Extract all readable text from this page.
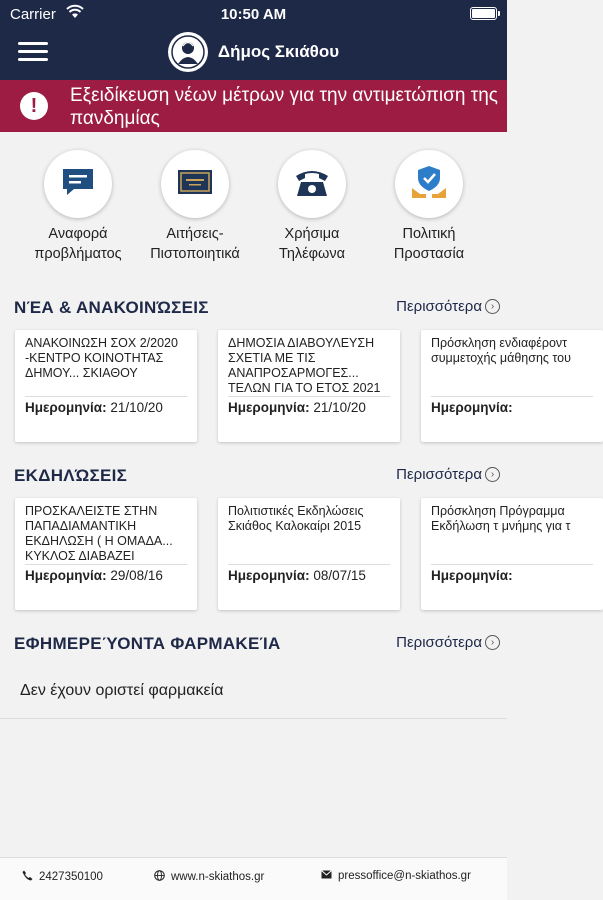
Carrier	10:50 AM
Δήμος Σκιάθου
!	Εξειδίκευση νέων μέτρων για την αντιμετώπιση της πανδημίας
Αναφορά προβλήματος
Αιτήσεις- Πιστοποιητικά
Χρήσιμα Τηλέφωνα
Πολιτική Προστασία
ΝΈΑ & ΑΝΑΚΟΙΝΏΣΕΙΣ	Περισσότερα ›
ΑΝΑΚΟΙΝΩΣΗ ΣΟΧ 2/2020 -ΚΕΝΤΡΟ ΚΟΙΝΟΤΗΤΑΣ ΔΗΜΟΥ... ΣΚΙΑΘΟΥ
Ημερομηνία: 21/10/20
ΔΗΜΟΣΙΑ ΔΙΑΒΟΥΛΕΥΣΗ ΣΧΕΤΙΑ ΜΕ ΤΙΣ ΑΝΑΠΡΟΣΑΡΜΟΓΕΣ... ΤΕΛΩΝ ΓΙΑ ΤΟ ΕΤΟΣ 2021
Ημερομηνία: 21/10/20
Πρόσκληση ενδιαφέροντ συμμετοχής μάθησης του
Ημερομηνία:
ΕΚΔΗΛΏΣΕΙΣ	Περισσότερα ›
ΠΡΟΣΚΑΛΕΙΣΤΕ ΣΤΗΝ ΠΑΠΑΔΙΑΜΑΝΤΙΚΗ ΕΚΔΗΛΩΣΗ ( Η ΟΜΑΔΑ... ΚΥΚΛΟΣ ΔΙΑΒΑΖΕΙ
Ημερομηνία: 29/08/16
Πολιτιστικές Εκδηλώσεις Σκιάθος Καλοκαίρι 2015
Ημερομηνία: 08/07/15
Πρόσκληση Πρόγραμμα Εκδήλωση τ μνήμης για τ
Ημερομηνία:
ΕΦΗΜΕΡΕΎΟΝΤΑ ΦΑΡΜΑΚΕΊΑ	Περισσότερα ›
Δεν έχουν οριστεί φαρμακεία
2427350100	www.n-skiathos.gr	pressoffice@n-skiathos.gr
